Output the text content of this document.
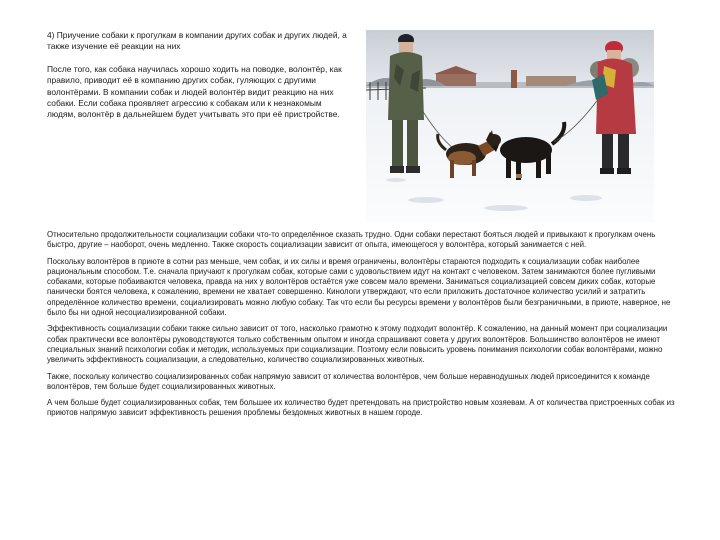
4) Приучение собаки к прогулкам в компании других собак и других людей, а также изучение её реакции на них

После того, как собака научилась хорошо ходить на поводке, волонтёр, как правило, приводит её в компанию других собак, гуляющих с другими волонтёрами. В компании собак и людей волонтёр видит реакцию на них собаки. Если собака проявляет агрессию к собакам или к незнакомым людям, волонтёр в дальнейшем будет учитывать это при её пристройстве.

Относительно продолжительности социализации собаки что-то определённое сказать трудно. Одни собаки перестают бояться людей и привыкают к прогулкам очень быстро, другие – наоборот, очень медленно. Также скорость социализации зависит от опыта, имеющегося у волонтёра, который занимается с ней.

Поскольку волонтёров в приюте в сотни раз меньше, чем собак, и их силы и время ограничены, волонтёры стараются подходить к социализации собак наиболее рациональным способом. Т.е. сначала приучают к прогулкам собак, которые сами с удовольствием идут на контакт с человеком. Затем занимаются более пугливыми собаками, которые побаиваются человека, правда на них у волонтёров остаётся уже совсем мало времени. Заниматься социализацией совсем диких собак, которые панически боятся человека, к сожалению, времени не хватает совершенно. Кинологи утверждают, что если приложить достаточное количество усилий и затратить определённое количество времени, социализировать можно любую собаку. Так что если бы ресурсы времени у волонтёров были безграничными, в приюте, наверное, не было бы ни одной несоциализированной собаки.

Эффективность социализации собаки также сильно зависит от того, насколько грамотно к этому подходит волонтёр. К сожалению, на данный момент при социализации собак практически все волонтёры руководствуются только собственным опытом и иногда спрашивают совета у других волонтёров. Большинство волонтёров не имеют специальных знаний психологии собак и методик, используемых при социализации. Поэтому если повысить уровень понимания психологии собак волонтёрами, можно увеличить эффективность социализации, а следовательно, количество социализированных животных.

Также, поскольку количество социализированных собак напрямую зависит от количества волонтёров, чем больше неравнодушных людей присоединится к команде волонтёров, тем больше будет социализированных животных.

А чем больше будет социализированных собак, тем большее их количество будет претендовать на пристройство новым хозяевам. А от количества пристроенных собак из приютов напрямую зависит эффективность решения проблемы бездомных животных в нашем городе.
